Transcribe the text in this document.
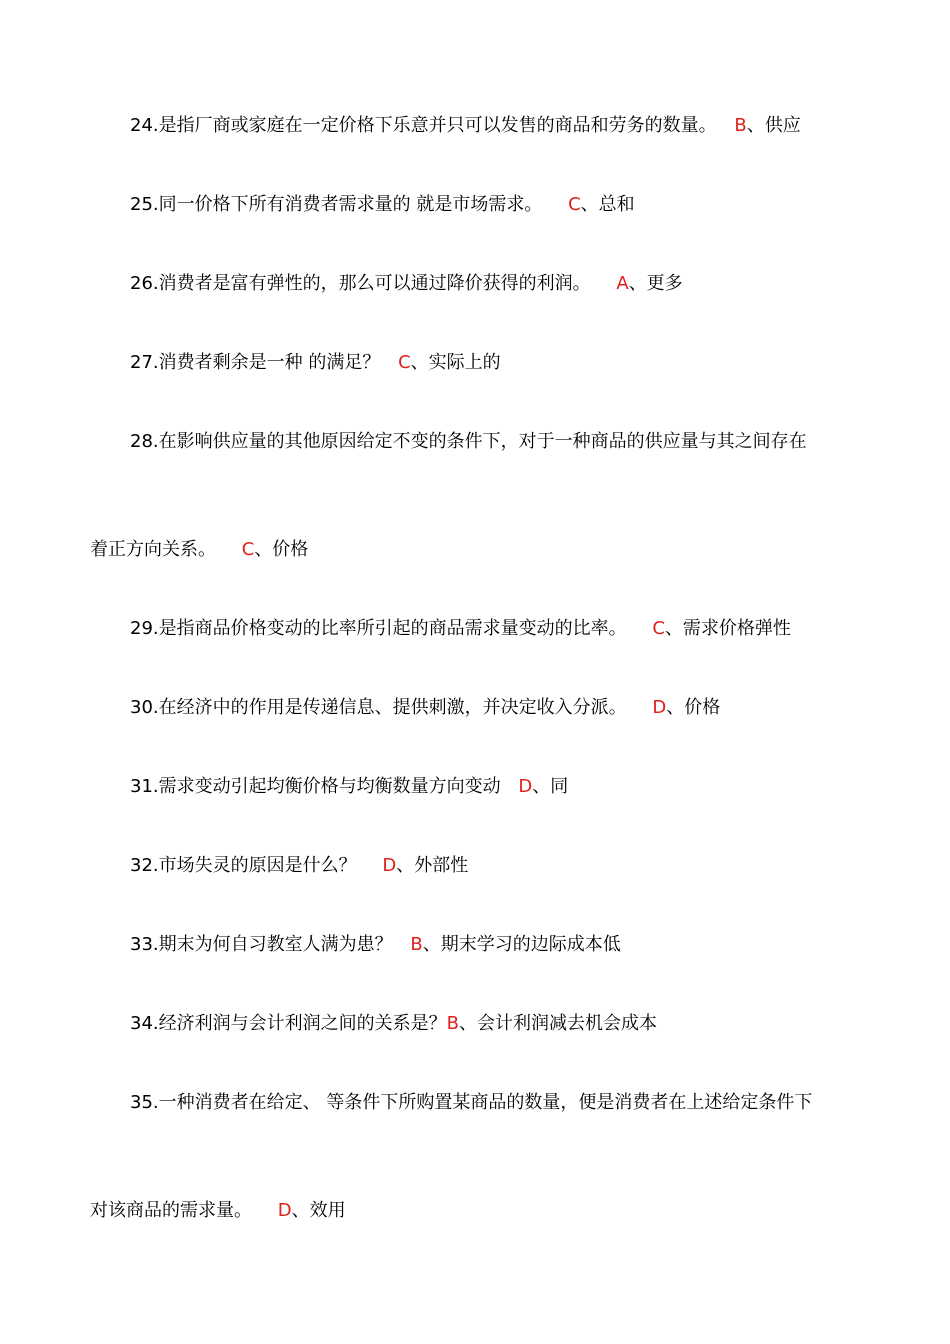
24.是指厂商或家庭在一定价格下乐意并只可以发售的商品和劳务的数量。 B、供应
25.同一价格下所有消费者需求量的 就是市场需求。 C、总和
26.消费者是富有弹性的，那么可以通过降价获得的利润。 A、更多
27.消费者剩余是一种 的满足？ C、实际上的
28.在影响供应量的其他原因给定不变的条件下，对于一种商品的供应量与其之间存在
着正方向关系。 C、价格
29.是指商品价格变动的比率所引起的商品需求量变动的比率。 C、需求价格弹性
30.在经济中的作用是传递信息、提供刺激，并决定收入分派。 D、价格
31.需求变动引起均衡价格与均衡数量方向变动 D、同
32.市场失灵的原因是什么？ D、外部性
33.期末为何自习教室人满为患？ B、期末学习的边际成本低
34.经济利润与会计利润之间的关系是？B、会计利润减去机会成本
35.一种消费者在给定、 等条件下所购置某商品的数量，便是消费者在上述给定条件下
对该商品的需求量。 D、效用
